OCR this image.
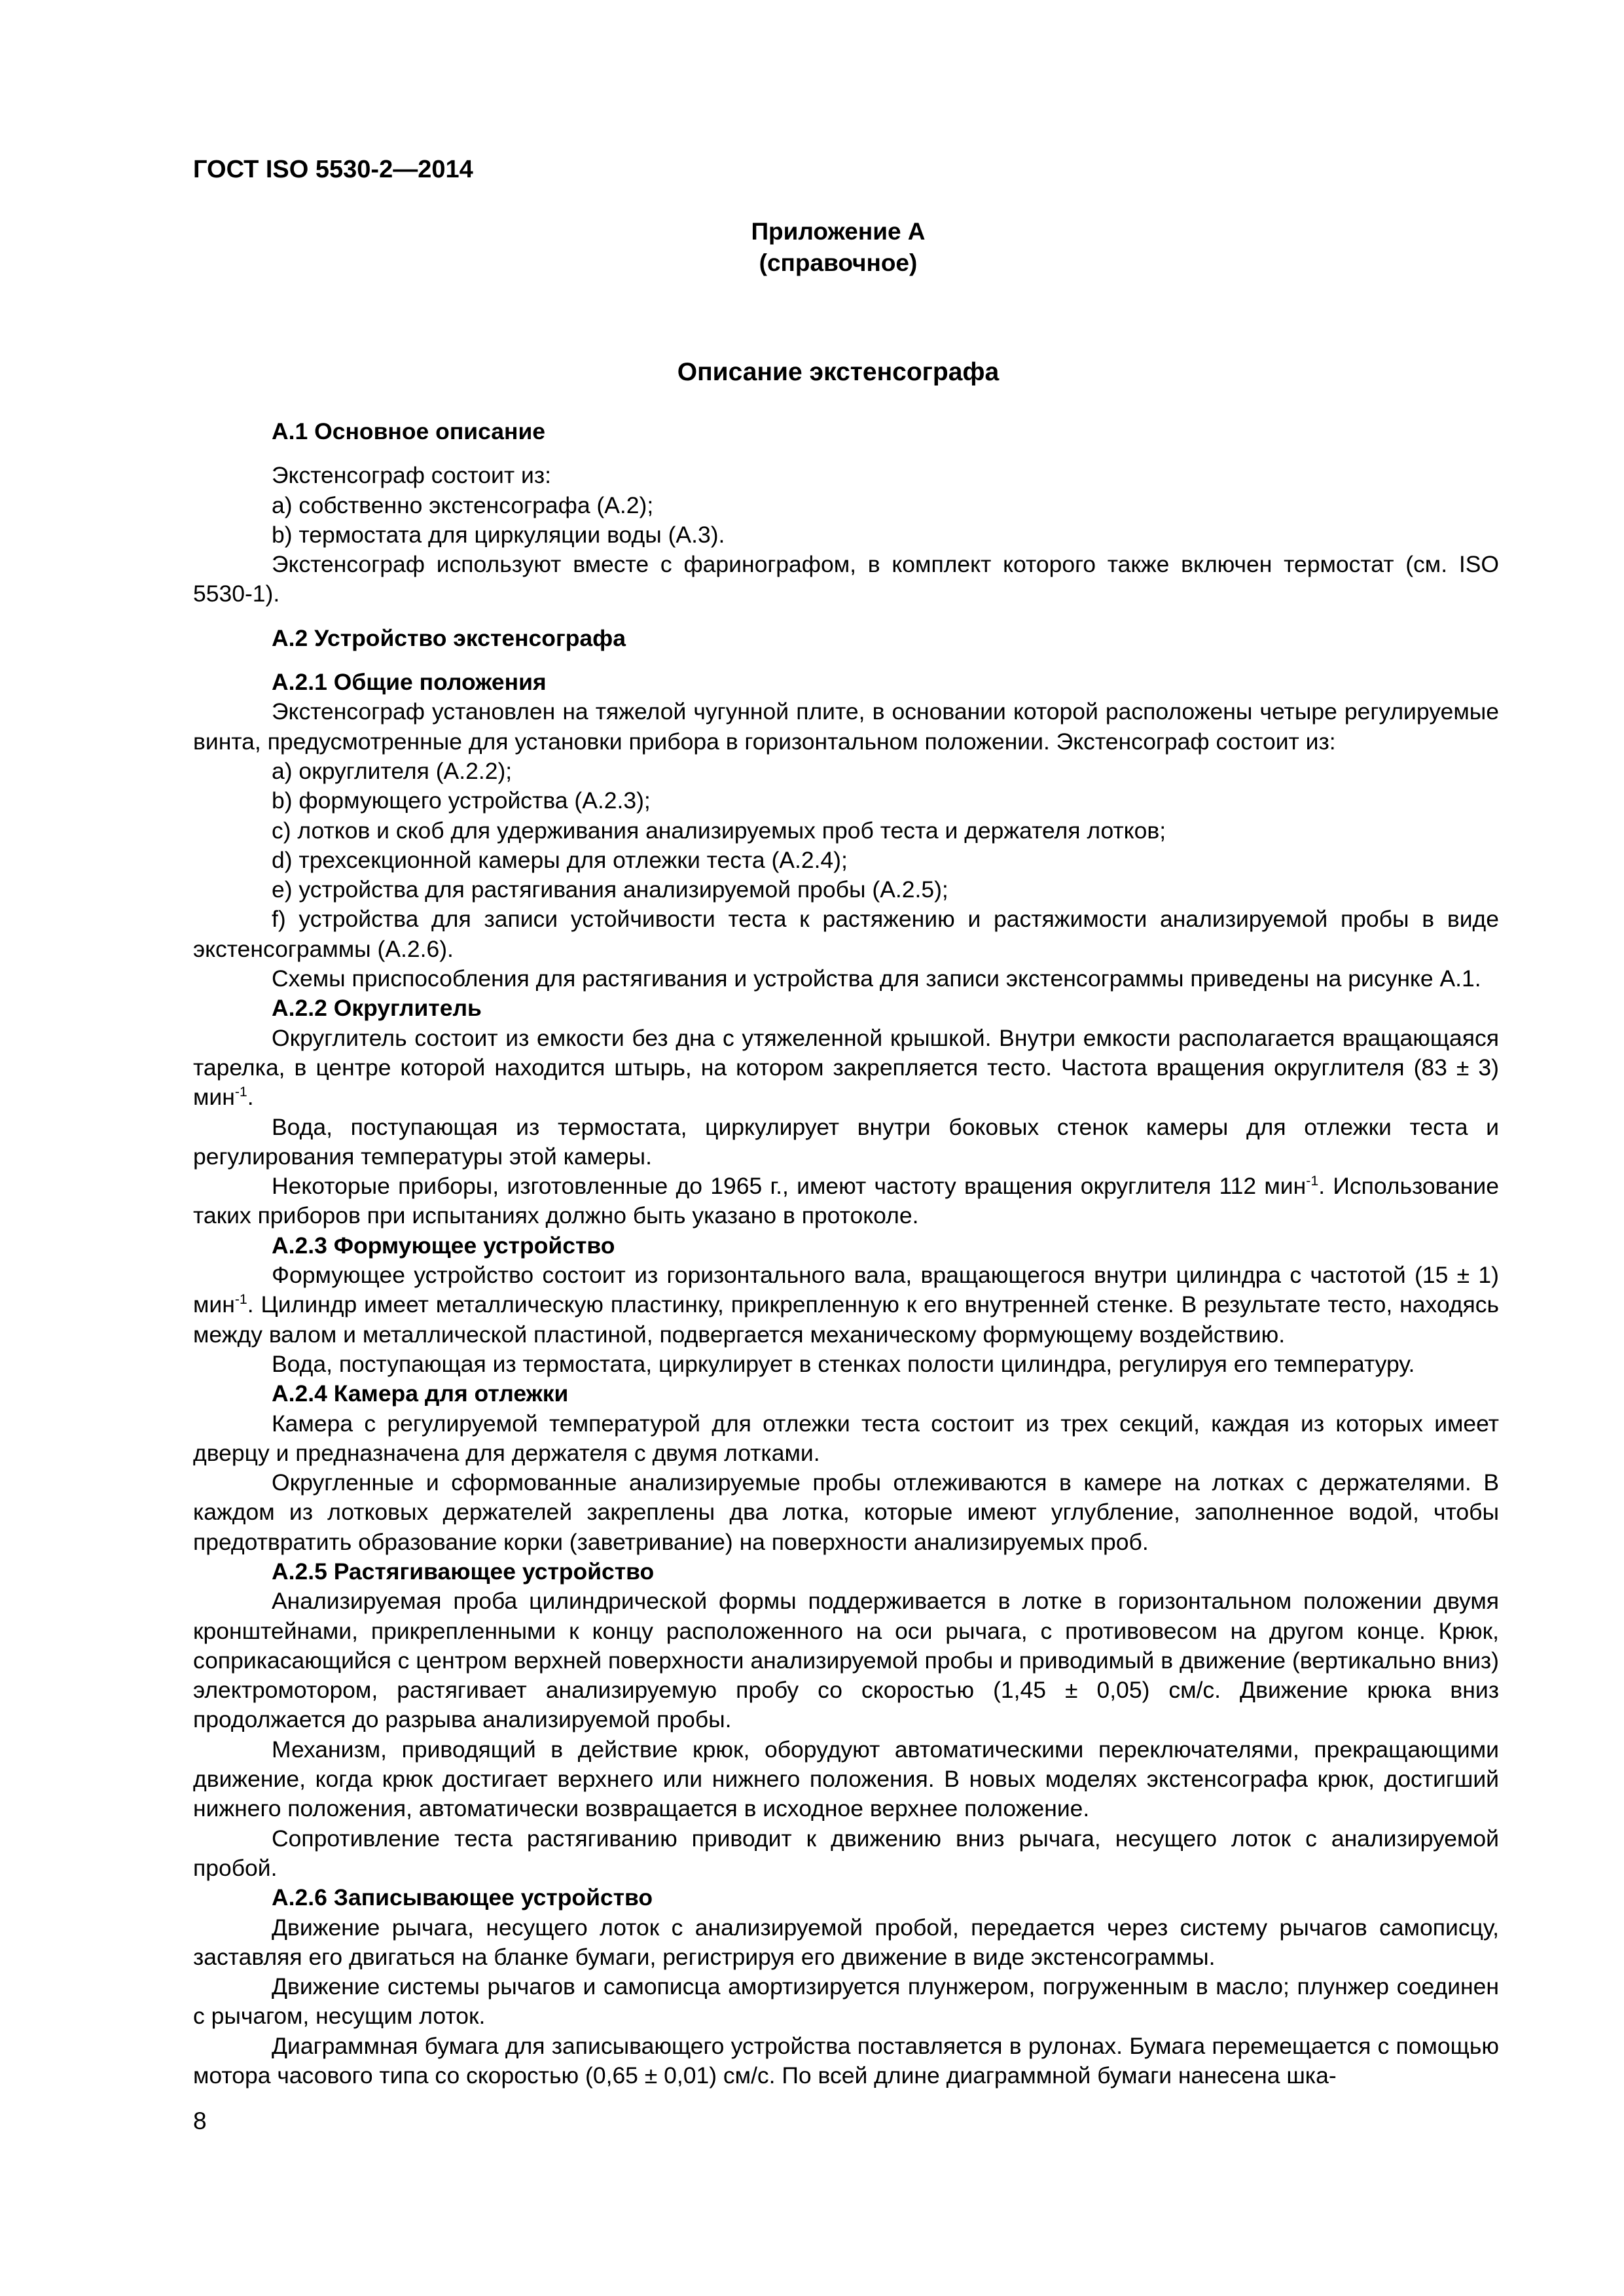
ГОСТ ISO 5530-2—2014
Приложение А
(справочное)
Описание экстенсографа
А.1 Основное описание

Экстенсограф состоит из:

a) собственно экстенсографа (А.2);

b) термостата для циркуляции воды (А.3).

Экстенсограф используют вместе с фаринографом, в комплект которого также включен термостат (см. ISO 5530-1).

А.2 Устройство экстенсографа
А.2.1 Общие положения

Экстенсограф установлен на тяжелой чугунной плите, в основании которой расположены четыре регулируемые винта, предусмотренные для установки прибора в горизонтальном положении. Экстенсограф состоит из:

a) округлителя (А.2.2);

b) формующего устройства (А.2.3);

c) лотков и скоб для удерживания анализируемых проб теста и держателя лотков;

d) трехсекционной камеры для отлежки теста (А.2.4);

e) устройства для растягивания анализируемой пробы (А.2.5);

f) устройства для записи устойчивости теста к растяжению и растяжимости анализируемой пробы в виде экстенсограммы (А.2.6).

Схемы приспособления для растягивания и устройства для записи экстенсограммы приведены на рисунке А.1.

А.2.2 Округлитель

Округлитель состоит из емкости без дна с утяжеленной крышкой. Внутри емкости располагается вращающаяся тарелка, в центре которой находится штырь, на котором закрепляется тесто. Частота вращения округлителя (83 ± 3) мин$^{-1}$.

Вода, поступающая из термостата, циркулирует внутри боковых стенок камеры для отлежки теста и регулирования температуры этой камеры.

Некоторые приборы, изготовленные до 1965 г., имеют частоту вращения округлителя 112 мин$^{-1}$. Использование таких приборов при испытаниях должно быть указано в протоколе.

А.2.3 Формующее устройство

Формующее устройство состоит из горизонтального вала, вращающегося внутри цилиндра с частотой (15 ± 1) мин$^{-1}$. Цилиндр имеет металлическую пластинку, прикрепленную к его внутренней стенке. В результате тесто, находясь между валом и металлической пластиной, подвергается механическому формующему воздействию.

Вода, поступающая из термостата, циркулирует в стенках полости цилиндра, регулируя его температуру.

А.2.4 Камера для отлежки

Камера с регулируемой температурой для отлежки теста состоит из трех секций, каждая из которых имеет дверцу и предназначена для держателя с двумя лотками.

Округленные и сформованные анализируемые пробы отлеживаются в камере на лотках с держателями. В каждом из лотковых держателей закреплены два лотка, которые имеют углубление, заполненное водой, чтобы предотвратить образование корки (заветривание) на поверхности анализируемых проб.

А.2.5 Растягивающее устройство

Анализируемая проба цилиндрической формы поддерживается в лотке в горизонтальном положении двумя кронштейнами, прикрепленными к концу расположенного на оси рычага, с противовесом на другом конце. Крюк, соприкасающийся с центром верхней поверхности анализируемой пробы и приводимый в движение (вертикально вниз) электромотором, растягивает анализируемую пробу со скоростью (1,45 ± 0,05) см/с. Движение крюка вниз продолжается до разрыва анализируемой пробы.

Механизм, приводящий в действие крюк, оборудуют автоматическими переключателями, прекращающими движение, когда крюк достигает верхнего или нижнего положения. В новых моделях экстенсографа крюк, достигший нижнего положения, автоматически возвращается в исходное верхнее положение.

Сопротивление теста растягиванию приводит к движению вниз рычага, несущего лоток с анализируемой пробой.

А.2.6 Записывающее устройство

Движение рычага, несущего лоток с анализируемой пробой, передается через систему рычагов самописцу, заставляя его двигаться на бланке бумаги, регистрируя его движение в виде экстенсограммы.

Движение системы рычагов и самописца амортизируется плунжером, погруженным в масло; плунжер соединен с рычагом, несущим лоток.

Диаграммная бумага для записывающего устройства поставляется в рулонах. Бумага перемещается с помощью мотора часового типа со скоростью (0,65 ± 0,01) см/с. По всей длине диаграммной бумаги нанесена шка-

8
